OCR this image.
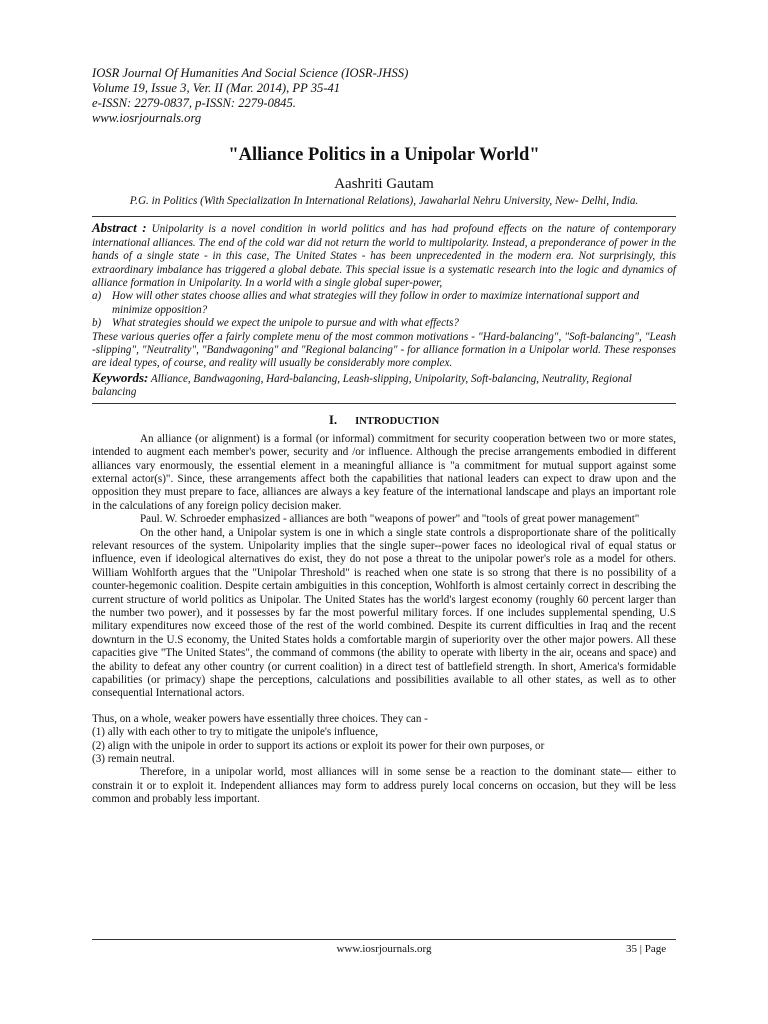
IOSR Journal Of Humanities And Social Science (IOSR-JHSS)
Volume 19, Issue 3, Ver. II (Mar. 2014), PP 35-41
e-ISSN: 2279-0837, p-ISSN: 2279-0845.
www.iosrjournals.org
"Alliance Politics in a Unipolar World"
Aashriti Gautam
P.G. in Politics (With Specialization In International Relations), Jawaharlal Nehru University, New- Delhi, India.

Abstract : Unipolarity is a novel condition in world politics and has had profound effects on the nature of contemporary international alliances. The end of the cold war did not return the world to multipolarity. Instead, a preponderance of power in the hands of a single state - in this case, The United States - has been unprecedented in the modern era. Not surprisingly, this extraordinary imbalance has triggered a global debate. This special issue is a systematic research into the logic and dynamics of alliance formation in Unipolarity. In a world with a single global super-power,

a) How will other states choose allies and what strategies will they follow in order to maximize international support and minimize opposition?
b) What strategies should we expect the unipole to pursue and with what effects?

These various queries offer a fairly complete menu of the most common motivations - "Hard-balancing", "Soft-balancing", "Leash -slipping", "Neutrality", "Bandwagoning" and "Regional balancing" - for alliance formation in a Unipolar world. These responses are ideal types, of course, and reality will usually be considerably more complex.

Keywords: Alliance, Bandwagoning, Hard-balancing, Leash-slipping, Unipolarity, Soft-balancing, Neutrality, Regional balancing

I. INTRODUCTION

An alliance (or alignment) is a formal (or informal) commitment for security cooperation between two or more states, intended to augment each member's power, security and /or influence. Although the precise arrangements embodied in different alliances vary enormously, the essential element in a meaningful alliance is "a commitment for mutual support against some external actor(s)". Since, these arrangements affect both the capabilities that national leaders can expect to draw upon and the opposition they must prepare to face, alliances are always a key feature of the international landscape and plays an important role in the calculations of any foreign policy decision maker.

Paul. W. Schroeder emphasized - alliances are both "weapons of power" and "tools of great power management"

On the other hand, a Unipolar system is one in which a single state controls a disproportionate share of the politically relevant resources of the system. Unipolarity implies that the single super--power faces no ideological rival of equal status or influence, even if ideological alternatives do exist, they do not pose a threat to the unipolar power's role as a model for others. William Wohlforth argues that the "Unipolar Threshold" is reached when one state is so strong that there is no possibility of a counter-hegemonic coalition. Despite certain ambiguities in this conception, Wohlforth is almost certainly correct in describing the current structure of world politics as Unipolar. The United States has the world's largest economy (roughly 60 percent larger than the number two power), and it possesses by far the most powerful military forces. If one includes supplemental spending, U.S military expenditures now exceed those of the rest of the world combined. Despite its current difficulties in Iraq and the recent downturn in the U.S economy, the United States holds a comfortable margin of superiority over the other major powers. All these capacities give "The United States", the command of commons (the ability to operate with liberty in the air, oceans and space) and the ability to defeat any other country (or current coalition) in a direct test of battlefield strength. In short, America's formidable capabilities (or primacy) shape the perceptions, calculations and possibilities available to all other states, as well as to other consequential International actors.

Thus, on a whole, weaker powers have essentially three choices. They can -

(1) ally with each other to try to mitigate the unipole's influence,

(2) align with the unipole in order to support its actions or exploit its power for their own purposes, or

(3) remain neutral.

Therefore, in a unipolar world, most alliances will in some sense be a reaction to the dominant state— either to constrain it or to exploit it. Independent alliances may form to address purely local concerns on occasion, but they will be less common and probably less important.

www.iosrjournals.org	35 | Page
